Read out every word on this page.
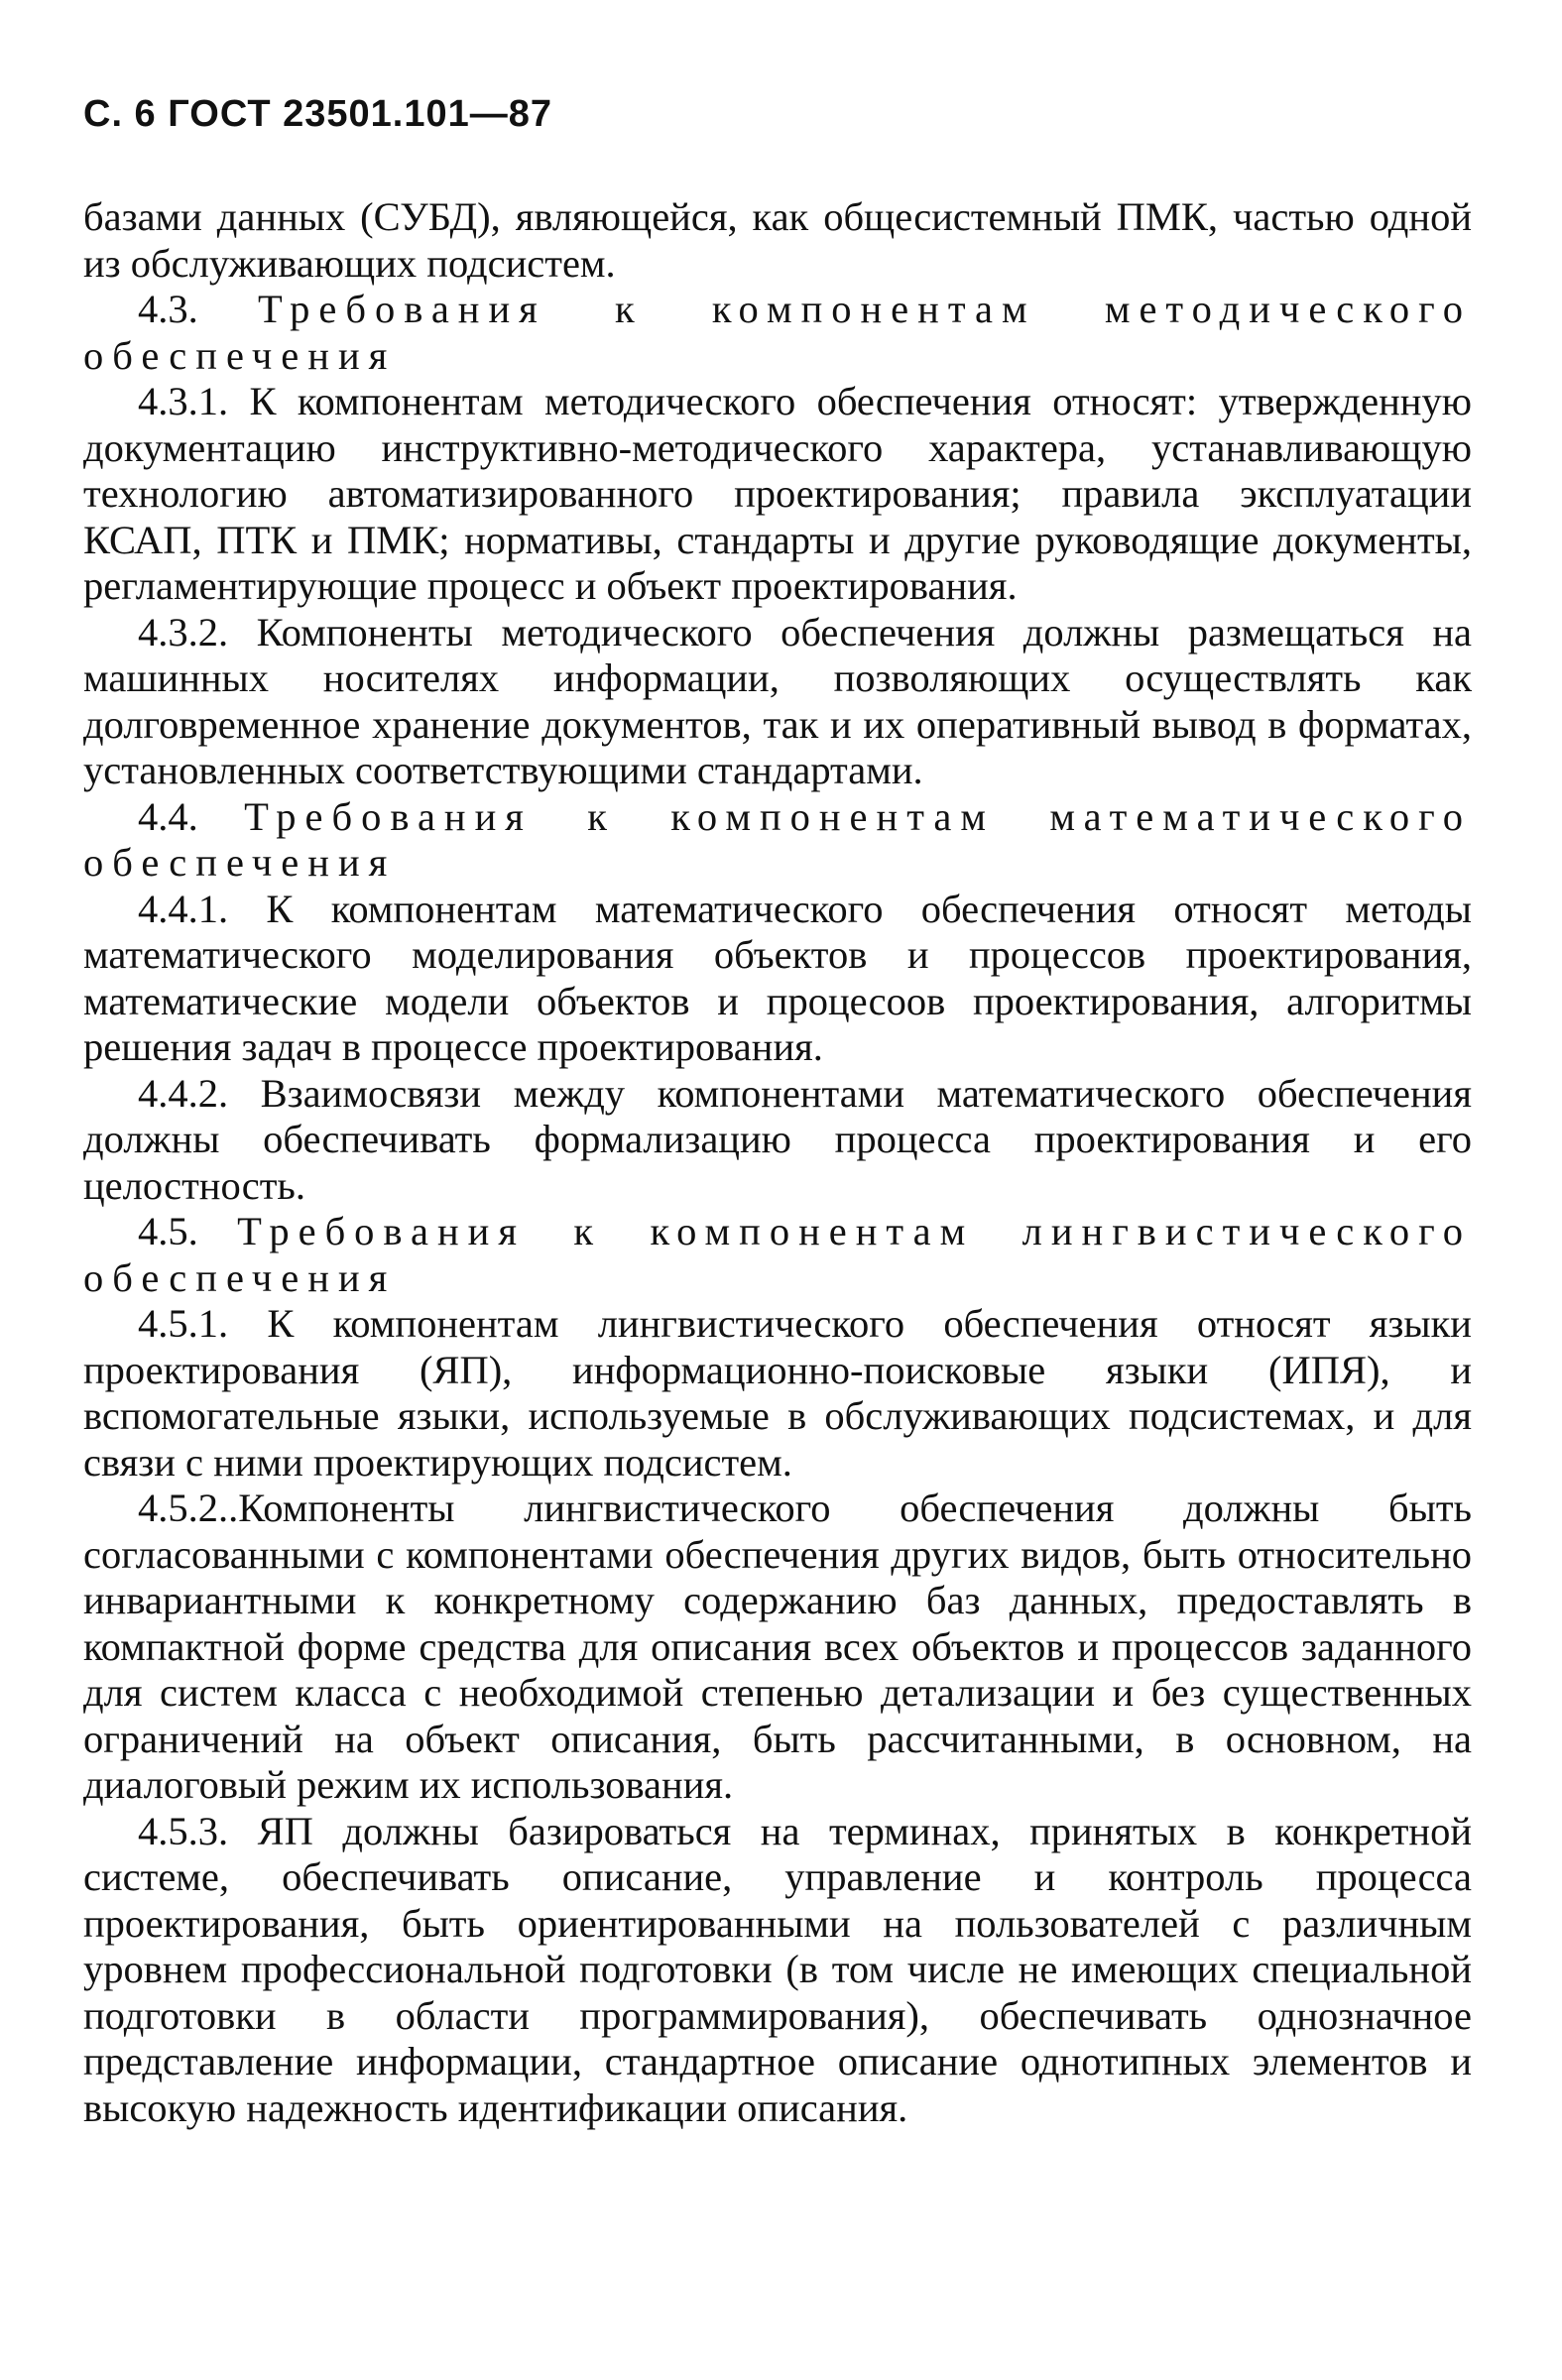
С. 6 ГОСТ 23501.101—87

базами данных (СУБД), являющейся, как общесистемный ПМК, частью одной из обслуживающих подсистем.

4.3. Требования к компонентам методического обеспечения

4.3.1. К компонентам методического обеспечения относят: утвержденную документацию инструктивно-методического характера, устанавливающую технологию автоматизированного проектирования; правила эксплуатации КСАП, ПТК и ПМК; нормативы, стандарты и другие руководящие документы, регламентирующие процесс и объект проектирования.

4.3.2. Компоненты методического обеспечения должны размещаться на машинных носителях информации, позволяющих осуществлять как долговременное хранение документов, так и их оперативный вывод в форматах, установленных соответствующими стандартами.

4.4. Требования к компонентам математического обеспечения

4.4.1. К компонентам математического обеспечения относят методы математического моделирования объектов и процессов проектирования, математические модели объектов и процесоов проектирования, алгоритмы решения задач в процессе проектирования.

4.4.2. Взаимосвязи между компонентами математического обеспечения должны обеспечивать формализацию процесса проектирования и его целостность.

4.5. Требования к компонентам лингвистического обеспечения

4.5.1. К компонентам лингвистического обеспечения относят языки проектирования (ЯП), информационно-поисковые языки (ИПЯ), и вспомогательные языки, используемые в обслуживающих подсистемах, и для связи с ними проектирующих подсистем.

4.5.2..Компоненты лингвистического обеспечения должны быть согласованными с компонентами обеспечения других видов, быть относительно инвариантными к конкретному содержанию баз данных, предоставлять в компактной форме средства для описания всех объектов и процессов заданного для систем класса с необходимой степенью детализации и без существенных ограничений на объект описания, быть рассчитанными, в основном, на диалоговый режим их использования.

4.5.3. ЯП должны базироваться на терминах, принятых в конкретной системе, обеспечивать описание, управление и контроль процесса проектирования, быть ориентированными на пользователей с различным уровнем профессиональной подготовки (в том числе не имеющих специальной подготовки в области программирования), обеспечивать однозначное представление информации, стандартное описание однотипных элементов и высокую надежность идентификации описания.
